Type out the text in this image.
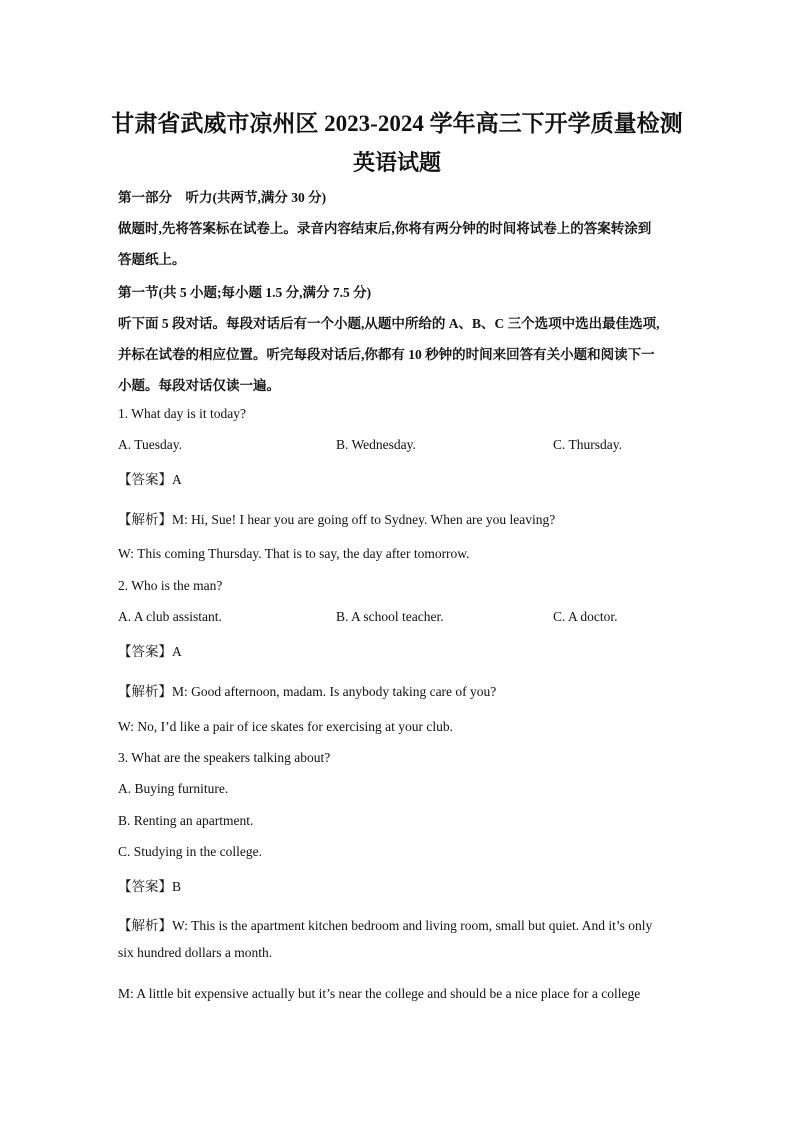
甘肃省武威市凉州区 2023-2024 学年高三下开学质量检测
英语试题
第一部分　听力(共两节,满分 30 分)
做题时,先将答案标在试卷上。录音内容结束后,你将有两分钟的时间将试卷上的答案转涂到
答题纸上。
第一节(共 5 小题;每小题 1.5 分,满分 7.5 分)
听下面 5 段对话。每段对话后有一个小题,从题中所给的 A、B、C 三个选项中选出最佳选项,
并标在试卷的相应位置。听完每段对话后,你都有 10 秒钟的时间来回答有关小题和阅读下一
小题。每段对话仅读一遍。
1. What day is it today?
A. Tuesday.	B. Wednesday.	C. Thursday.
【答案】A
【解析】M: Hi, Sue! I hear you are going off to Sydney. When are you leaving?
W: This coming Thursday. That is to say, the day after tomorrow.
2. Who is the man?
A. A club assistant.	B. A school teacher.	C. A doctor.
【答案】A
【解析】M: Good afternoon, madam. Is anybody taking care of you?
W: No, I’d like a pair of ice skates for exercising at your club.
3. What are the speakers talking about?
A. Buying furniture.
B. Renting an apartment.
C. Studying in the college.
【答案】B
【解析】W: This is the apartment kitchen bedroom and living room, small but quiet. And it’s only
six hundred dollars a month.
M: A little bit expensive actually but it’s near the college and should be a nice place for a college
